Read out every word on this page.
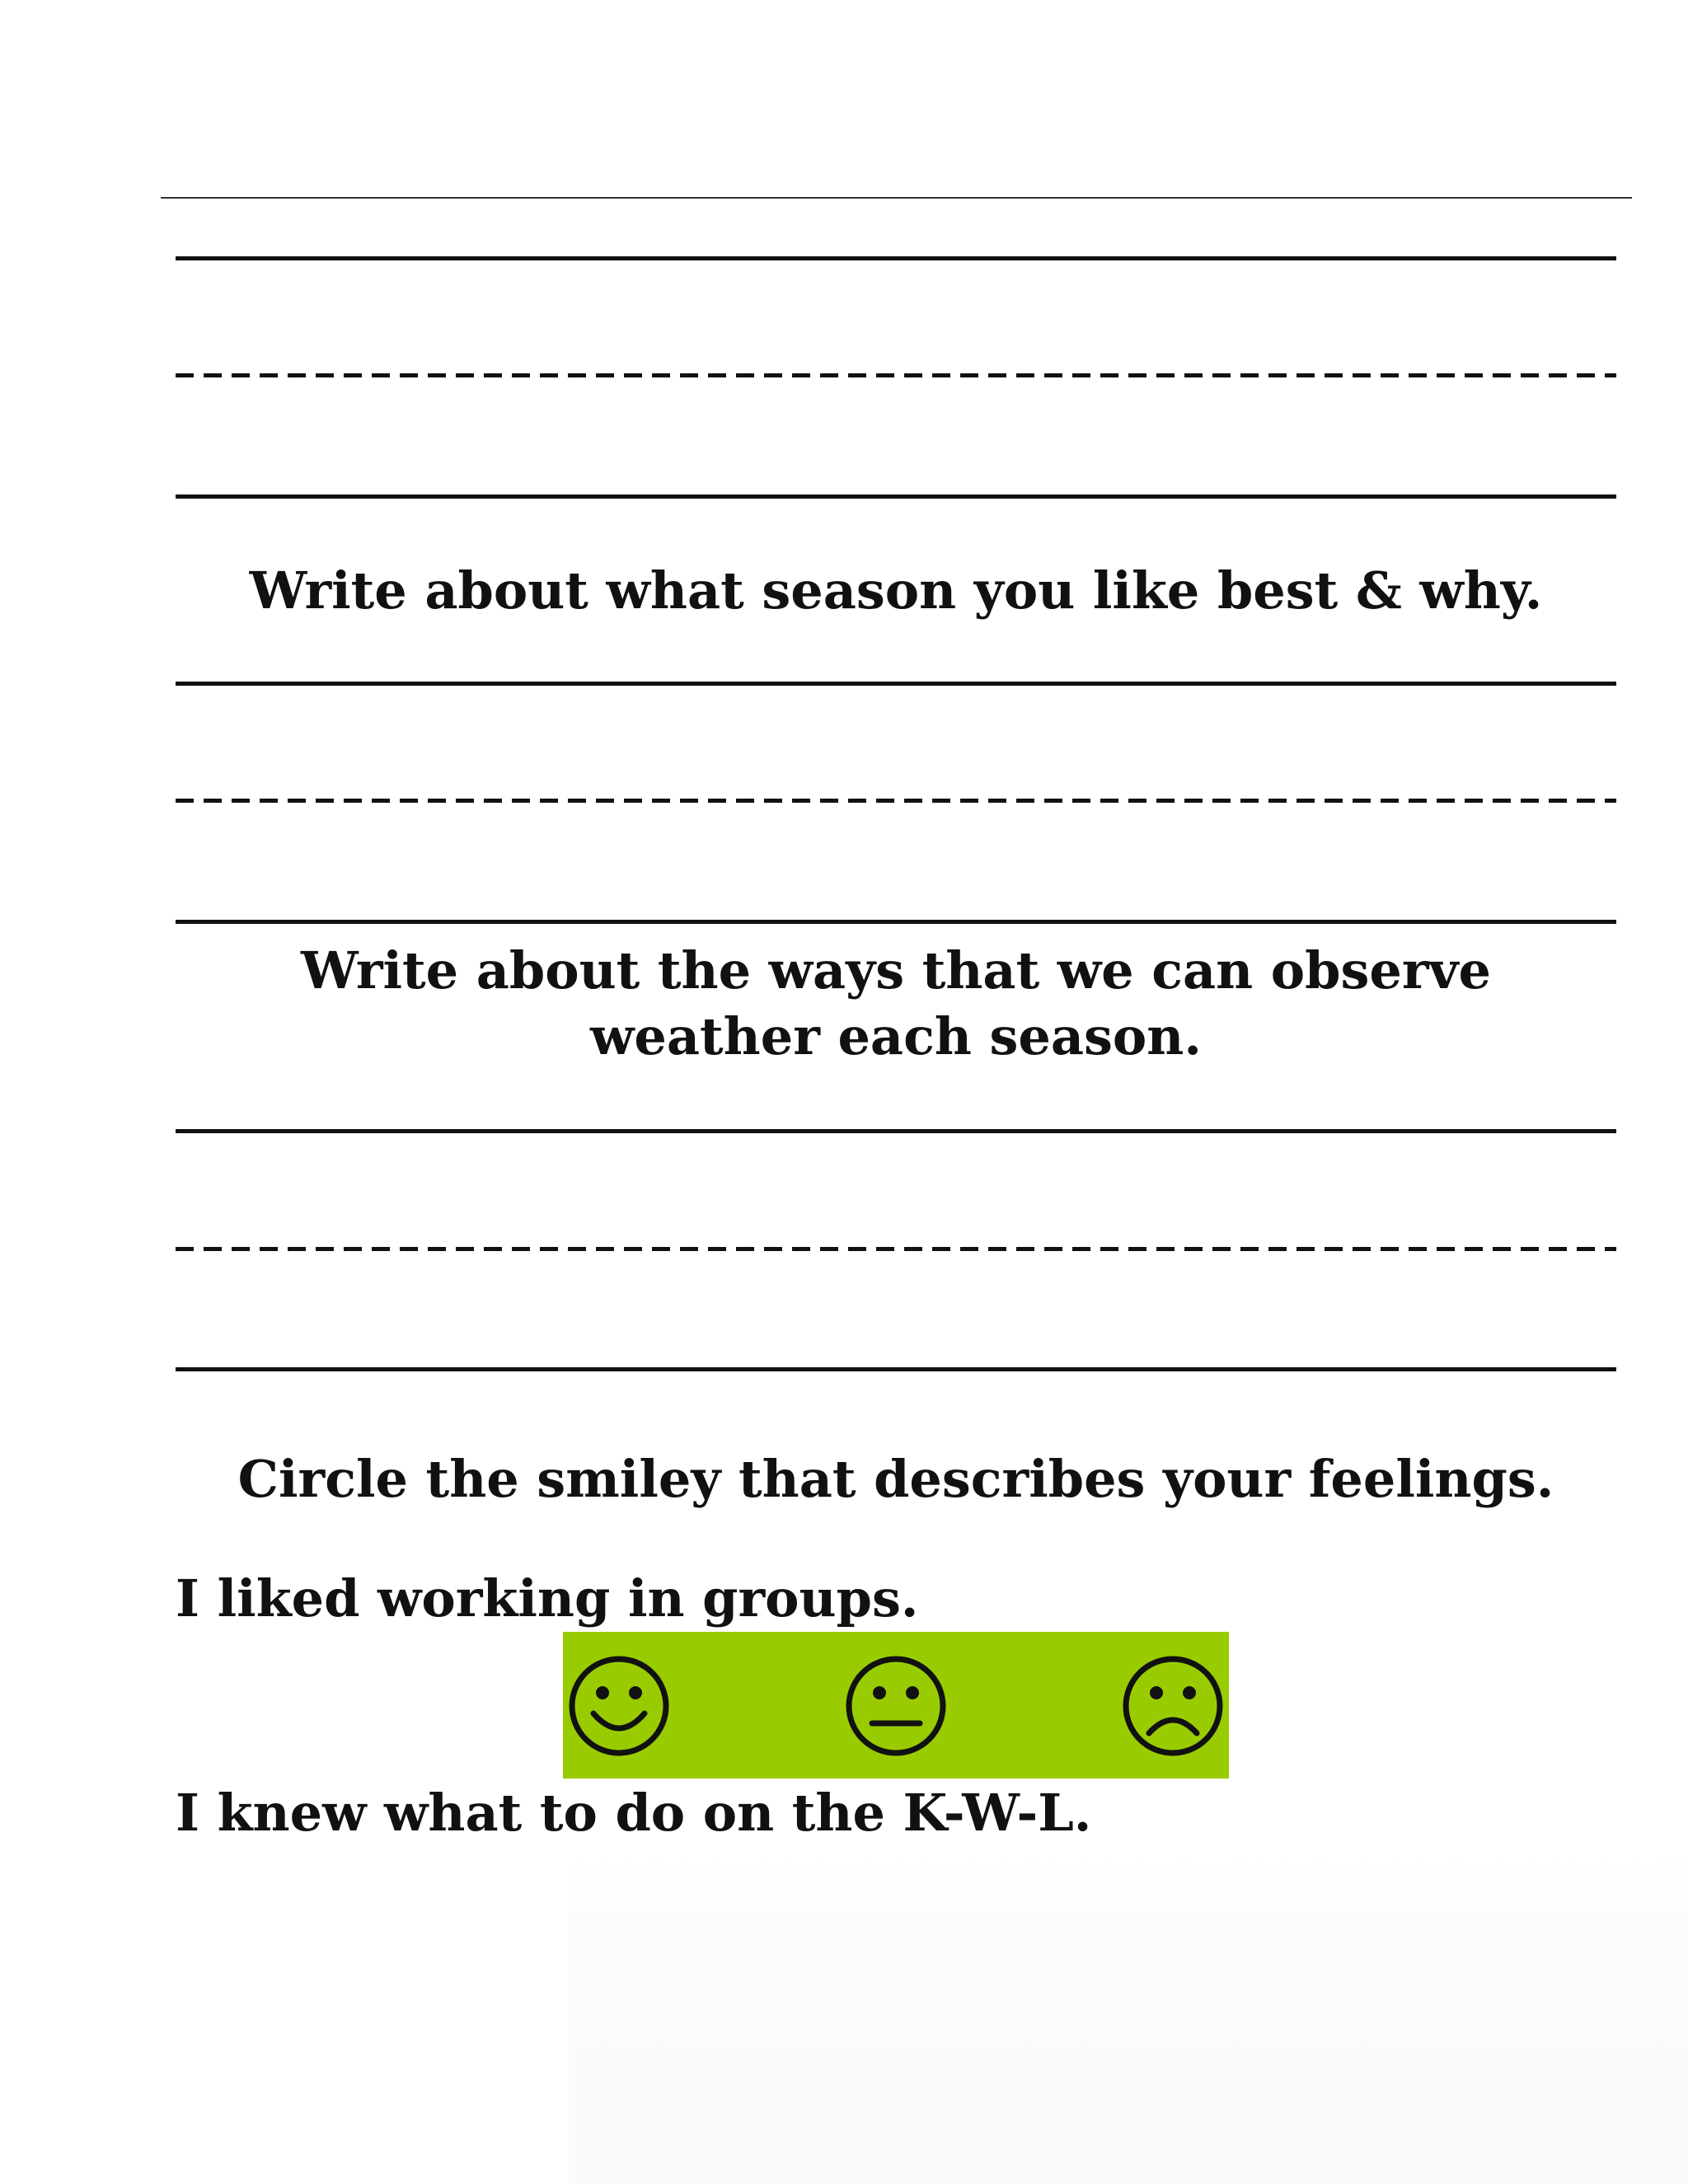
Write about what season you like best & why.

Write about the ways that we can observe weather each season.

Circle the smiley that describes your feelings.

I liked working in groups.

I knew what to do on the K-W-L.
